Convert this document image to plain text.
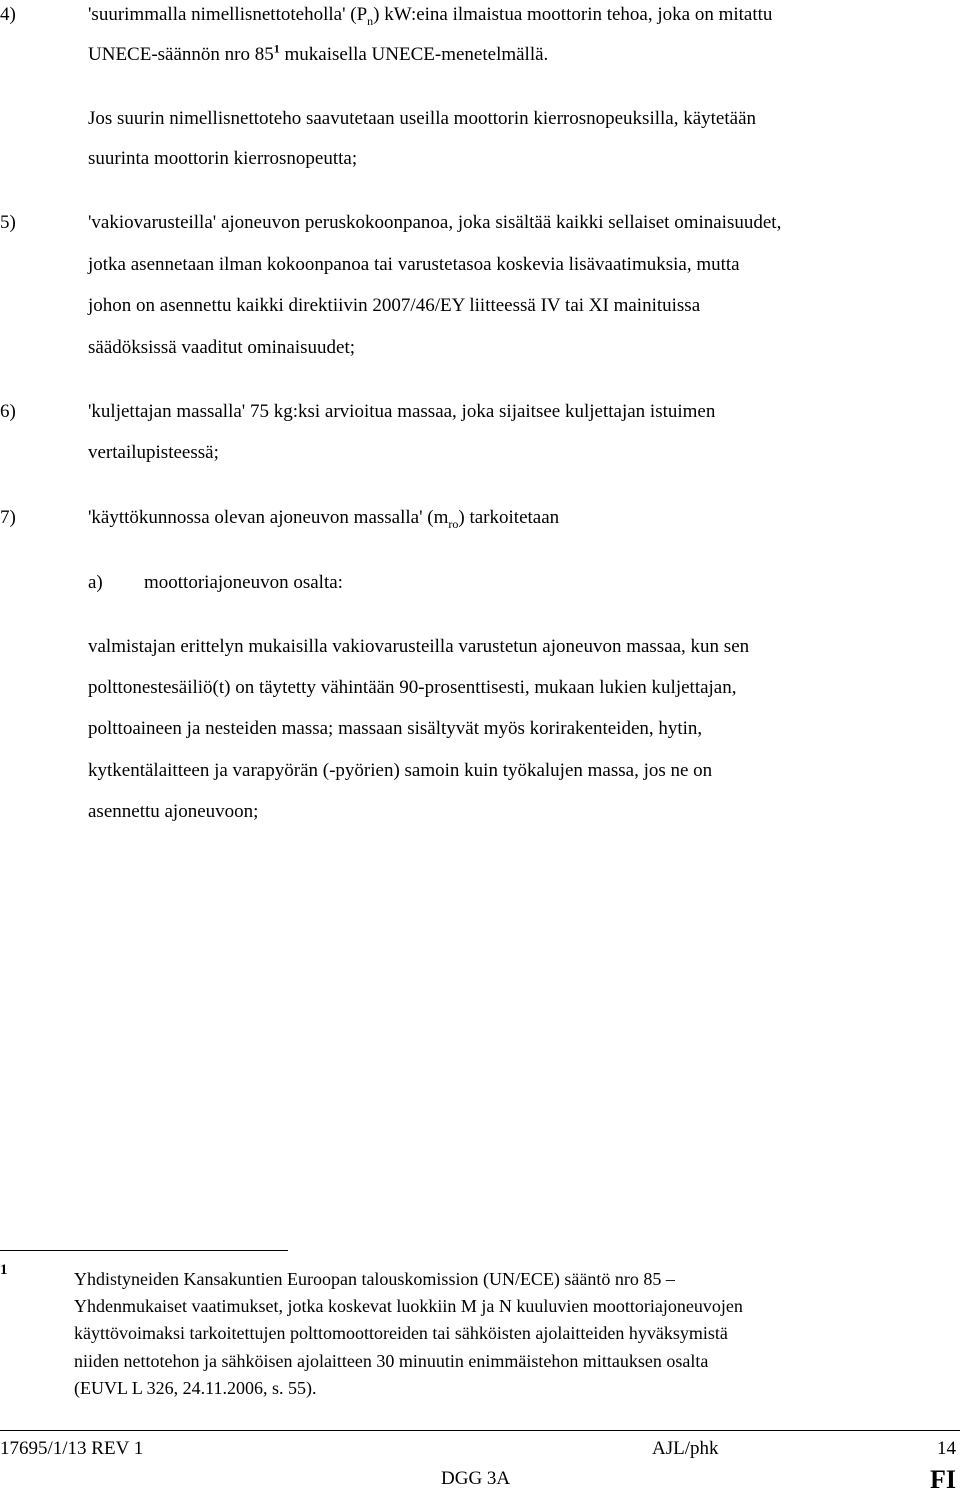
4)	'suurimmalla nimellisnettoteholla' $(P_n)$ kW:eina ilmaistua moottorin tehoa, joka on mitattu
UNECE-säännön nro $85^1$ mukaisella UNECE-menetelmällä.
Jos suurin nimellisnettoteho saavutetaan useilla moottorin kierrosnopeuksilla, käytetään
suurinta moottorin kierrosnopeutta;
5)	'vakiovarusteilla' ajoneuvon peruskokoonpanoa, joka sisältää kaikki sellaiset ominaisuudet,
jotka asennetaan ilman kokoonpanoa tai varustetasoa koskevia lisävaatimuksia, mutta
johon on asennettu kaikki direktiivin 2007/46/EY liitteessä IV tai XI mainituissa
säädöksissä vaaditut ominaisuudet;
6)	'kuljettajan massalla' 75 kg:ksi arvioitua massaa, joka sijaitsee kuljettajan istuimen
vertailupisteessä;
7)	'käyttökunnossa olevan ajoneuvon massalla' $(m_{ro})$ tarkoitetaan
a) moottoriajoneuvon osalta:
valmistajan erittelyn mukaisilla vakiovarusteilla varustetun ajoneuvon massaa, kun sen
polttonestesäiliö(t) on täytetty vähintään 90-prosenttisesti, mukaan lukien kuljettajan,
polttoaineen ja nesteiden massa; massaan sisältyvät myös korirakenteiden, hytin,
kytkentälaitteen ja varapyörän (-pyörien) samoin kuin työkalujen massa, jos ne on
asennettu ajoneuvoon;
1	Yhdistyneiden Kansakuntien Euroopan talouskomission (UN/ECE) sääntö nro 85 –
Yhdenmukaiset vaatimukset, jotka koskevat luokkiin M ja N kuuluvien moottoriajoneuvojen
käyttövoimaksi tarkoitettujen polttomoottoreiden tai sähköisten ajolaitteiden hyväksymistä
niiden nettotehon ja sähköisen ajolaitteen 30 minuutin enimmäistehon mittauksen osalta
(EUVL L 326, 24.11.2006, s. 55).
17695/1/13 REV 1	AJL/phk	14
DGG 3A	FI
